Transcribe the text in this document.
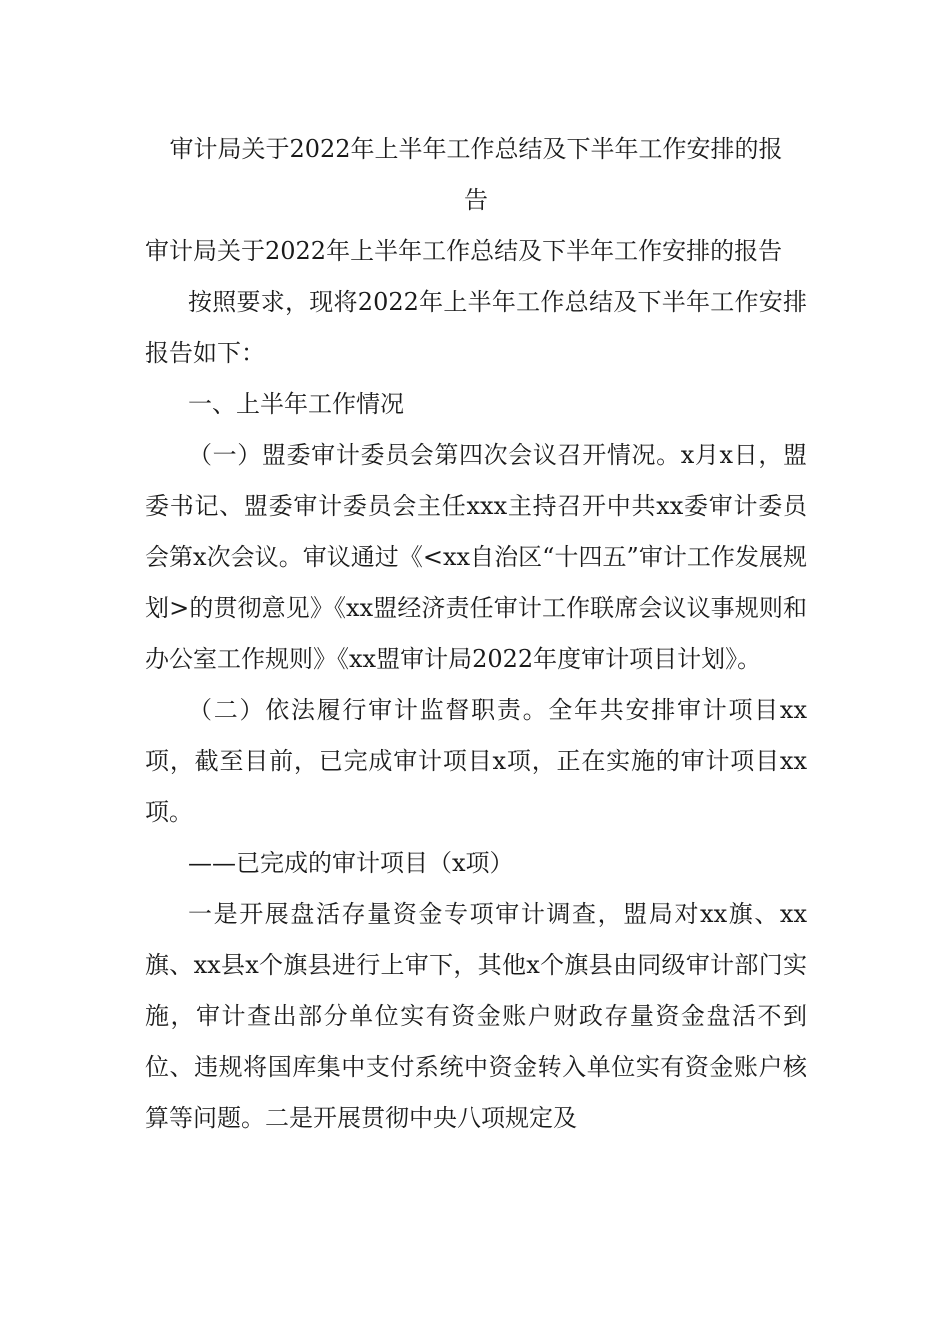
审计局关于2022年上半年工作总结及下半年工作安排的报
告

审计局关于2022年上半年工作总结及下半年工作安排的报告

按照要求，现将2022年上半年工作总结及下半年工作安排报告如下：

一、上半年工作情况

（一）盟委审计委员会第四次会议召开情况。x月x日，盟委书记、盟委审计委员会主任xxx主持召开中共xx委审计委员会第x次会议。审议通过《<xx自治区“十四五”审计工作发展规划>的贯彻意见》《xx盟经济责任审计工作联席会议议事规则和办公室工作规则》《xx盟审计局2022年度审计项目计划》。

（二）依法履行审计监督职责。全年共安排审计项目xx项，截至目前，已完成审计项目x项，正在实施的审计项目xx项。

——已完成的审计项目（x项）

一是开展盘活存量资金专项审计调查，盟局对xx旗、xx旗、xx县x个旗县进行上审下，其他x个旗县由同级审计部门实施，审计查出部分单位实有资金账户财政存量资金盘活不到位、违规将国库集中支付系统中资金转入单位实有资金账户核算等问题。二是开展贯彻中央八项规定及
